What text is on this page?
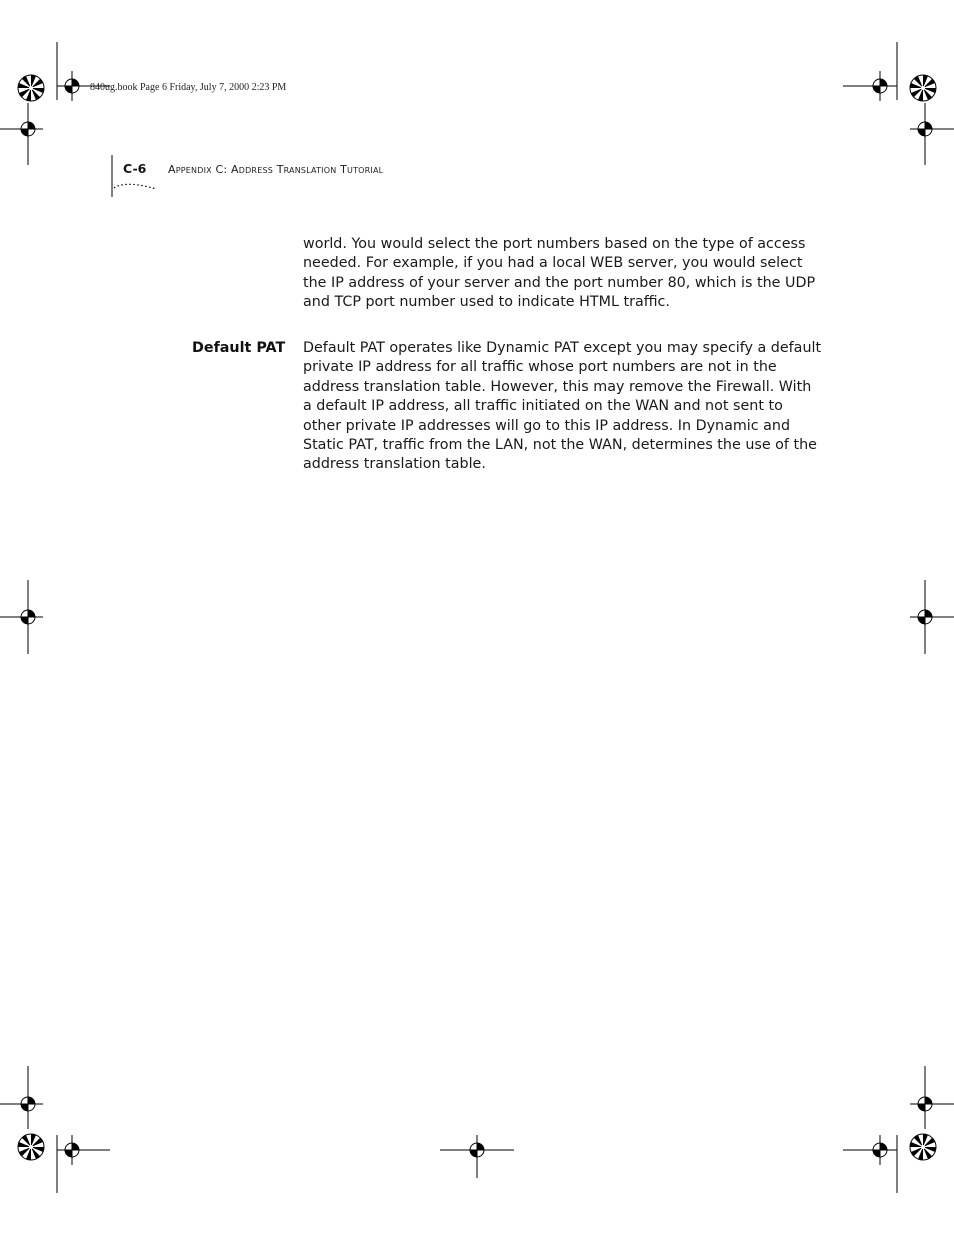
840ug.book Page 6 Friday, July 7, 2000 2:23 PM
C-6 Appendix C: Address Translation Tutorial

world. You would select the port numbers based on the type of access needed. For example, if you had a local WEB server, you would select the IP address of your server and the port number 80, which is the UDP and TCP port number used to indicate HTML traffic.

Default PAT Default PAT operates like Dynamic PAT except you may specify a default private IP address for all traffic whose port numbers are not in the address translation table. However, this may remove the Firewall. With a default IP address, all traffic initiated on the WAN and not sent to other private IP addresses will go to this IP address. In Dynamic and Static PAT, traffic from the LAN, not the WAN, determines the use of the address translation table.
